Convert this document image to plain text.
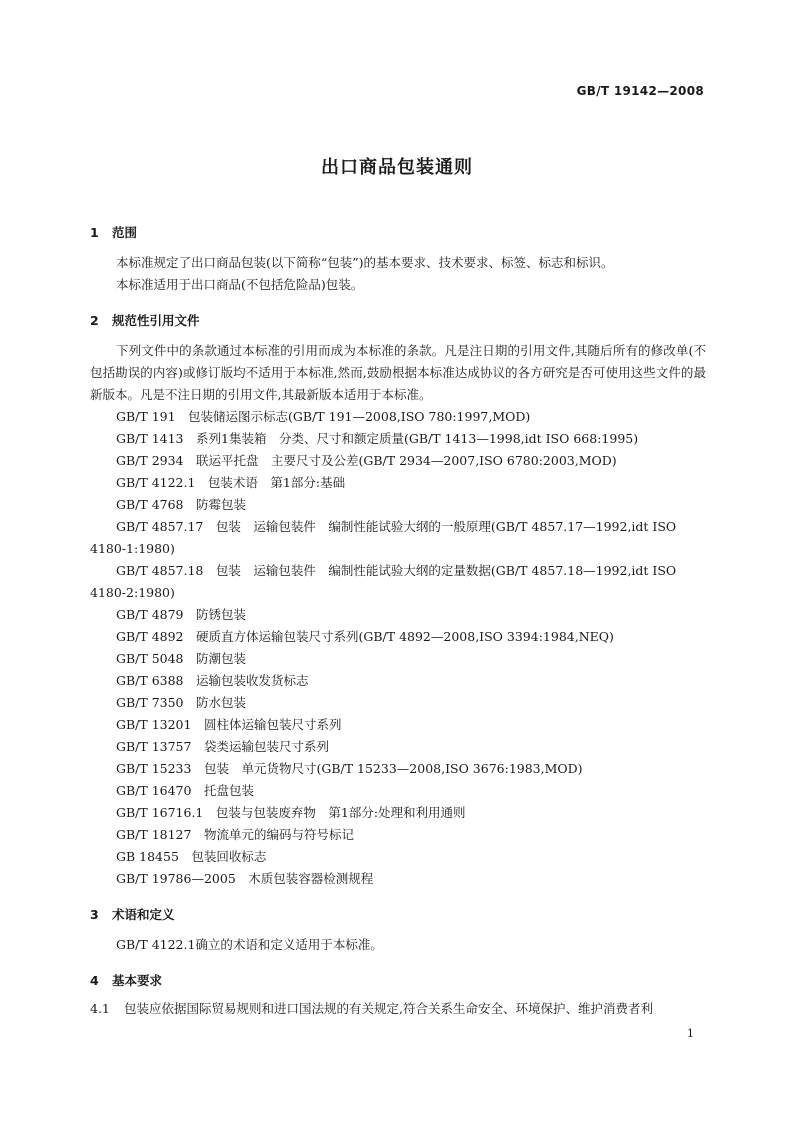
GB/T 19142—2008
出口商品包装通则
1 范围
本标准规定了出口商品包装(以下简称“包装”)的基本要求、技术要求、标签、标志和标识。
本标准适用于出口商品(不包括危险品)包装。
2 规范性引用文件
下列文件中的条款通过本标准的引用而成为本标准的条款。凡是注日期的引用文件,其随后所有的修改单(不包括勘误的内容)或修订版均不适用于本标准,然而,鼓励根据本标准达成协议的各方研究是否可使用这些文件的最新版本。凡是不注日期的引用文件,其最新版本适用于本标准。
GB/T 191　包装储运图示标志(GB/T 191—2008,ISO 780:1997,MOD)
GB/T 1413　系列1集装箱　分类、尺寸和额定质量(GB/T 1413—1998,idt ISO 668:1995)
GB/T 2934　联运平托盘　主要尺寸及公差(GB/T 2934—2007,ISO 6780:2003,MOD)
GB/T 4122.1　包装术语　第1部分:基础
GB/T 4768　防霉包装
GB/T 4857.17　包装　运输包装件　编制性能试验大纲的一般原理(GB/T 4857.17—1992,idt ISO 4180-1:1980)
GB/T 4857.18　包装　运输包装件　编制性能试验大纲的定量数据(GB/T 4857.18—1992,idt ISO 4180-2:1980)
GB/T 4879　防锈包装
GB/T 4892　硬质直方体运输包装尺寸系列(GB/T 4892—2008,ISO 3394:1984,NEQ)
GB/T 5048　防潮包装
GB/T 6388　运输包装收发货标志
GB/T 7350　防水包装
GB/T 13201　圆柱体运输包装尺寸系列
GB/T 13757　袋类运输包装尺寸系列
GB/T 15233　包装　单元货物尺寸(GB/T 15233—2008,ISO 3676:1983,MOD)
GB/T 16470　托盘包装
GB/T 16716.1　包装与包装废弃物　第1部分:处理和利用通则
GB/T 18127　物流单元的编码与符号标记
GB 18455　包装回收标志
GB/T 19786—2005　木质包装容器检测规程
3 术语和定义
GB/T 4122.1确立的术语和定义适用于本标准。
4 基本要求
4.1 包装应依据国际贸易规则和进口国法规的有关规定,符合关系生命安全、环境保护、维护消费者利
1
